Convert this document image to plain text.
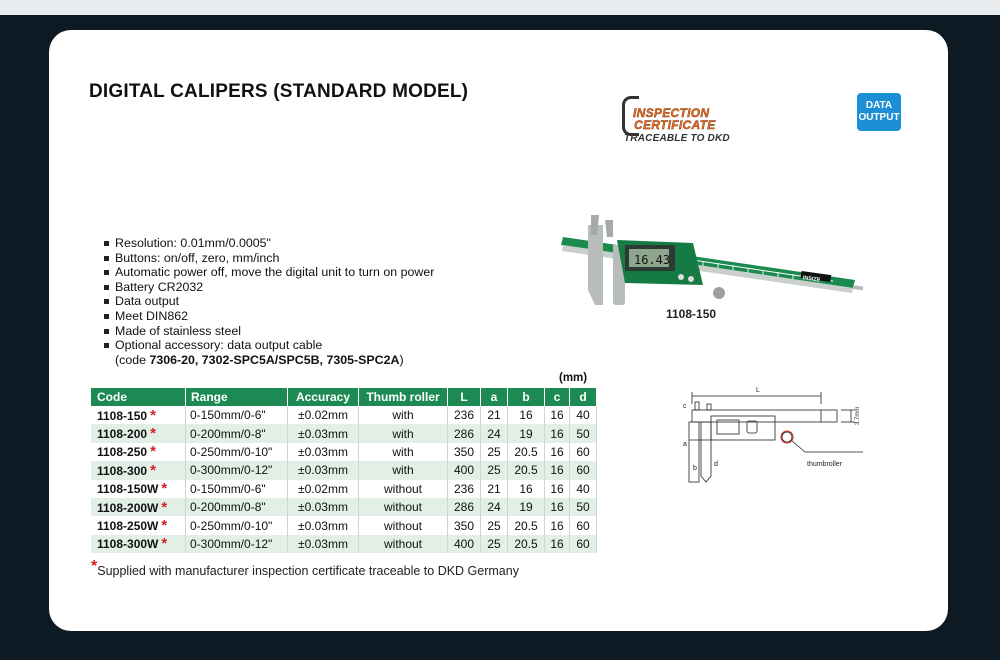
DIGITAL CALIPERS (STANDARD MODEL)
DATA
OUTPUT
INSPECTION
CERTIFICATE
TRACEABLE TO DKD
INSIZE
16.43
1108-150
Resolution: 0.01mm/0.0005"
Buttons: on/off, zero, mm/inch
Automatic power off, move the digital unit to turn on power
Battery CR2032
Data output
Meet DIN862
Made of stainless steel
Optional accessory: data output cable
(code 7306-20, 7302-SPC5A/SPC5B, 7305-SPC2A)
(mm)
Code	Range	Accuracy	Thumb roller	L	a	b	c	d
1108-150 *	0-150mm/0-6"	±0.02mm	with	236	21	16	16	40
1108-200 *	0-200mm/0-8"	±0.03mm	with	286	24	19	16	50
1108-250 *	0-250mm/0-10"	±0.03mm	with	350	25	20.5	16	60
1108-300 *	0-300mm/0-12"	±0.03mm	with	400	25	20.5	16	60
1108-150W *	0-150mm/0-6"	±0.02mm	without	236	21	16	16	40
1108-200W *	0-200mm/0-8"	±0.03mm	without	286	24	19	16	50
1108-250W *	0-250mm/0-10"	±0.03mm	without	350	25	20.5	16	60
1108-300W *	0-300mm/0-12"	±0.03mm	without	400	25	20.5	16	60
*Supplied with manufacturer inspection certificate traceable to DKD Germany
L
thumbroller
c
a
b
d
3.7mm
